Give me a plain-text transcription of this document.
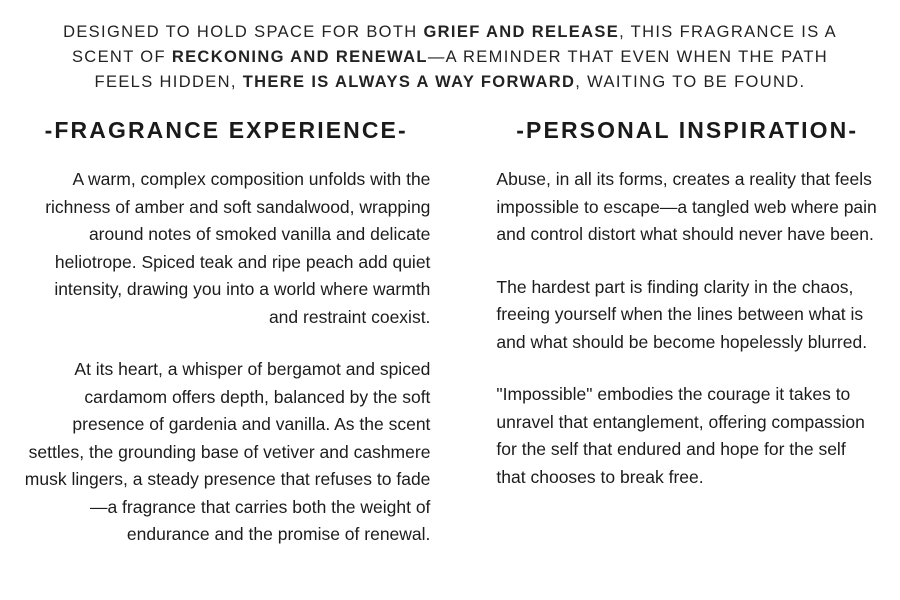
DESIGNED TO HOLD SPACE FOR BOTH GRIEF AND RELEASE, THIS FRAGRANCE IS A SCENT OF RECKONING AND RENEWAL—A REMINDER THAT EVEN WHEN THE PATH FEELS HIDDEN, THERE IS ALWAYS A WAY FORWARD, WAITING TO BE FOUND.
-FRAGRANCE EXPERIENCE-
A warm, complex composition unfolds with the richness of amber and soft sandalwood, wrapping around notes of smoked vanilla and delicate heliotrope. Spiced teak and ripe peach add quiet intensity, drawing you into a world where warmth and restraint coexist.
At its heart, a whisper of bergamot and spiced cardamom offers depth, balanced by the soft presence of gardenia and vanilla. As the scent settles, the grounding base of vetiver and cashmere musk lingers, a steady presence that refuses to fade—a fragrance that carries both the weight of endurance and the promise of renewal.
-PERSONAL INSPIRATION-
Abuse, in all its forms, creates a reality that feels impossible to escape—a tangled web where pain and control distort what should never have been.
The hardest part is finding clarity in the chaos, freeing yourself when the lines between what is and what should be become hopelessly blurred.
"Impossible" embodies the courage it takes to unravel that entanglement, offering compassion for the self that endured and hope for the self that chooses to break free.
